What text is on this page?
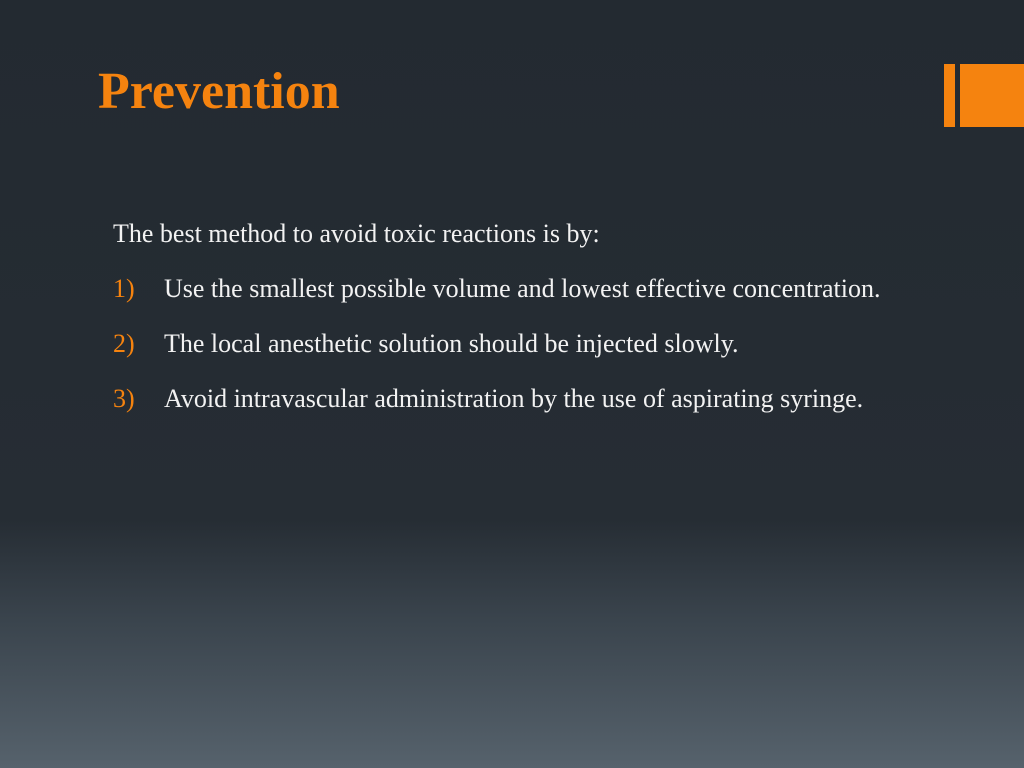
Prevention

The best method to avoid toxic reactions is by:

1)	Use the smallest possible volume and lowest effective concentration.

2)	The local anesthetic solution should be injected slowly.

3)	Avoid intravascular administration by the use of aspirating syringe.
